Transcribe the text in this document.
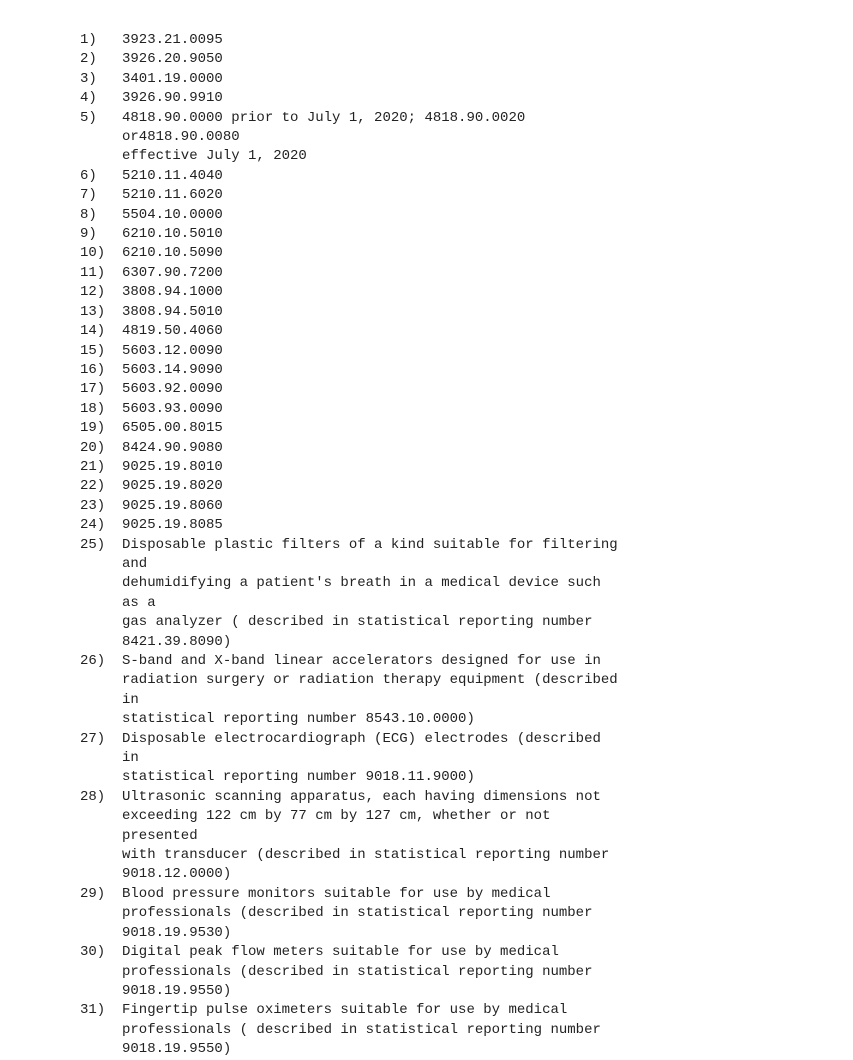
1)	3923.21.0095
2)	3926.20.9050
3)	3401.19.0000
4)	3926.90.9910
5)	4818.90.0000 prior to July 1, 2020; 4818.90.0020 or4818.90.0080
effective July 1, 2020
6)	5210.11.4040
7)	5210.11.6020
8)	5504.10.0000
9)	6210.10.5010
10)	6210.10.5090
11)	6307.90.7200
12)	3808.94.1000
13)	3808.94.5010
14)	4819.50.4060
15)	5603.12.0090
16)	5603.14.9090
17)	5603.92.0090
18)	5603.93.0090
19)	6505.00.8015
20)	8424.90.9080
21)	9025.19.8010
22)	9025.19.8020
23)	9025.19.8060
24)	9025.19.8085
25)	Disposable plastic filters of a kind suitable for filtering and
dehumidifying a patient's breath in a medical device such as a
gas analyzer ( described in statistical reporting number
8421.39.8090)
26)	S-band and X-band linear accelerators designed for use in
radiation surgery or radiation therapy equipment (described in
statistical reporting number 8543.10.0000)
27)	Disposable electrocardiograph (ECG) electrodes (described in
statistical reporting number 9018.11.9000)
28)	Ultrasonic scanning apparatus, each having dimensions not
exceeding 122 cm by 77 cm by 127 cm, whether or not presented
with transducer (described in statistical reporting number
9018.12.0000)
29)	Blood pressure monitors suitable for use by medical
professionals (described in statistical reporting number
9018.19.9530)
30)	Digital peak flow meters suitable for use by medical
professionals (described in statistical reporting number
9018.19.9550)
31)	Fingertip pulse oximeters suitable for use by medical
professionals ( described in statistical reporting number
9018.19.9550)
